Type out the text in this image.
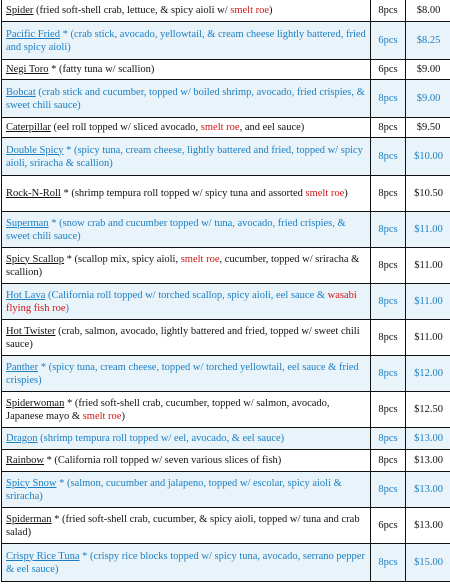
Spider (fried soft-shell crab, lettuce, & spicy aioli w/ smelt roe)	8pcs	$8.00
Pacific Fried * (crab stick, avocado, yellowtail, & cream cheese lightly battered, fried and spicy aioli)	6pcs	$8.25
Negi Toro * (fatty tuna w/ scallion)	6pcs	$9.00
Bobcat (crab stick and cucumber, topped w/ boiled shrimp, avocado, fried crispies, & sweet chili sauce)	8pcs	$9.00
Caterpillar (eel roll topped w/ sliced avocado, smelt roe, and eel sauce)	8pcs	$9.50
Double Spicy * (spicy tuna, cream cheese, lightly battered and fried, topped w/ spicy aioli, sriracha & scallion)	8pcs	$10.00
Rock-N-Roll * (shrimp tempura roll topped w/ spicy tuna and assorted smelt roe)	8pcs	$10.50
Superman * (snow crab and cucumber topped w/ tuna, avocado, fried crispies, & sweet chili sauce)	8pcs	$11.00
Spicy Scallop * (scallop mix, spicy aioli, smelt roe, cucumber, topped w/ sriracha & scallion)	8pcs	$11.00
Hot Lava (California roll topped w/ torched scallop, spicy aioli, eel sauce & wasabi flying fish roe)	8pcs	$11.00
Hot Twister (crab, salmon, avocado, lightly battered and fried, topped w/ sweet chili sauce)	8pcs	$11.00
Panther * (spicy tuna, cream cheese, topped w/ torched yellowtail, eel sauce & fried crispies)	8pcs	$12.00
Spiderwoman * (fried soft-shell crab, cucumber, topped w/ salmon, avocado, Japanese mayo & smelt roe)	8pcs	$12.50
Dragon (shrimp tempura roll topped w/ eel, avocado, & eel sauce)	8pcs	$13.00
Rainbow * (California roll topped w/ seven various slices of fish)	8pcs	$13.00
Spicy Snow * (salmon, cucumber and jalapeno, topped w/ escolar, spicy aioli & sriracha)	8pcs	$13.00
Spiderman * (fried soft-shell crab, cucumber, & spicy aioli, topped w/ tuna and crab salad)	6pcs	$13.00
Crispy Rice Tuna * (crispy rice blocks topped w/ spicy tuna, avocado, serrano pepper & eel sauce)	8pcs	$15.00
